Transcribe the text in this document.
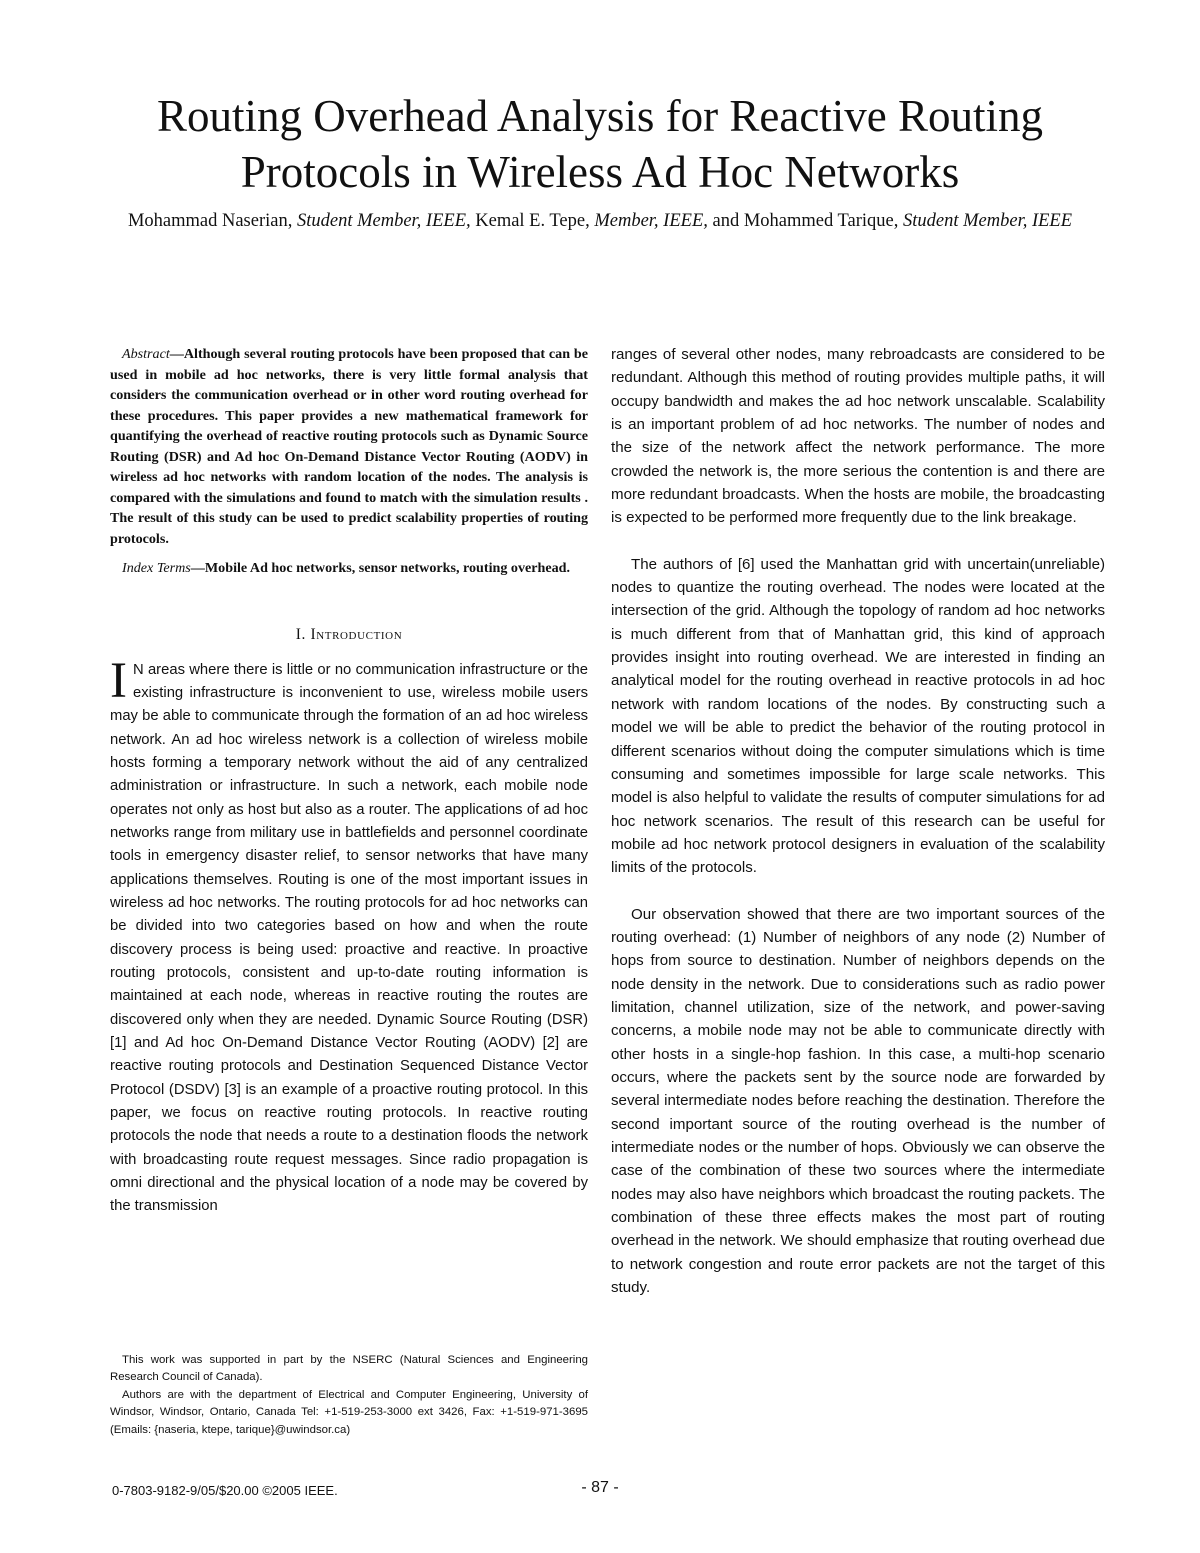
Routing Overhead Analysis for Reactive Routing Protocols in Wireless Ad Hoc Networks
Mohammad Naserian, Student Member, IEEE, Kemal E. Tepe, Member, IEEE, and Mohammed Tarique, Student Member, IEEE

Abstract—Although several routing protocols have been proposed that can be used in mobile ad hoc networks, there is very little formal analysis that considers the communication overhead or in other word routing overhead for these procedures. This paper provides a new mathematical framework for quantifying the overhead of reactive routing protocols such as Dynamic Source Routing (DSR) and Ad hoc On-Demand Distance Vector Routing (AODV) in wireless ad hoc networks with random location of the nodes. The analysis is compared with the simulations and found to match with the simulation results . The result of this study can be used to predict scalability properties of routing protocols.

Index Terms—Mobile Ad hoc networks, sensor networks, routing overhead.

I. Introduction

I N areas where there is little or no communication infrastructure or the existing infrastructure is inconvenient to use, wireless mobile users may be able to communicate through the formation of an ad hoc wireless network. An ad hoc wireless network is a collection of wireless mobile hosts forming a temporary network without the aid of any centralized administration or infrastructure. In such a network, each mobile node operates not only as host but also as a router. The applications of ad hoc networks range from military use in battlefields and personnel coordinate tools in emergency disaster relief, to sensor networks that have many applications themselves. Routing is one of the most important issues in wireless ad hoc networks. The routing protocols for ad hoc networks can be divided into two categories based on how and when the route discovery process is being used: proactive and reactive. In proactive routing protocols, consistent and up-to-date routing information is maintained at each node, whereas in reactive routing the routes are discovered only when they are needed. Dynamic Source Routing (DSR) [1] and Ad hoc On-Demand Distance Vector Routing (AODV) [2] are reactive routing protocols and Destination Sequenced Distance Vector Protocol (DSDV) [3] is an example of a proactive routing protocol. In this paper, we focus on reactive routing protocols. In reactive routing protocols the node that needs a route to a destination floods the network with broadcasting route request messages. Since radio propagation is omni directional and the physical location of a node may be covered by the transmission

This work was supported in part by the NSERC (Natural Sciences and Engineering Research Council of Canada).

Authors are with the department of Electrical and Computer Engineering, University of Windsor, Windsor, Ontario, Canada Tel: +1-519-253-3000 ext 3426, Fax: +1-519-971-3695 (Emails: {naseria, ktepe, tarique}@uwindsor.ca)

ranges of several other nodes, many rebroadcasts are considered to be redundant. Although this method of routing provides multiple paths, it will occupy bandwidth and makes the ad hoc network unscalable. Scalability is an important problem of ad hoc networks. The number of nodes and the size of the network affect the network performance. The more crowded the network is, the more serious the contention is and there are more redundant broadcasts. When the hosts are mobile, the broadcasting is expected to be performed more frequently due to the link breakage.

The authors of [6] used the Manhattan grid with uncertain(unreliable) nodes to quantize the routing overhead. The nodes were located at the intersection of the grid. Although the topology of random ad hoc networks is much different from that of Manhattan grid, this kind of approach provides insight into routing overhead. We are interested in finding an analytical model for the routing overhead in reactive protocols in ad hoc network with random locations of the nodes. By constructing such a model we will be able to predict the behavior of the routing protocol in different scenarios without doing the computer simulations which is time consuming and sometimes impossible for large scale networks. This model is also helpful to validate the results of computer simulations for ad hoc network scenarios. The result of this research can be useful for mobile ad hoc network protocol designers in evaluation of the scalability limits of the protocols.

Our observation showed that there are two important sources of the routing overhead: (1) Number of neighbors of any node (2) Number of hops from source to destination. Number of neighbors depends on the node density in the network. Due to considerations such as radio power limitation, channel utilization, size of the network, and power-saving concerns, a mobile node may not be able to communicate directly with other hosts in a single-hop fashion. In this case, a multi-hop scenario occurs, where the packets sent by the source node are forwarded by several intermediate nodes before reaching the destination. Therefore the second important source of the routing overhead is the number of intermediate nodes or the number of hops. Obviously we can observe the case of the combination of these two sources where the intermediate nodes may also have neighbors which broadcast the routing packets. The combination of these three effects makes the most part of routing overhead in the network. We should emphasize that routing overhead due to network congestion and route error packets are not the target of this study.

0-7803-9182-9/05/$20.00 ©2005 IEEE.	- 87 -
